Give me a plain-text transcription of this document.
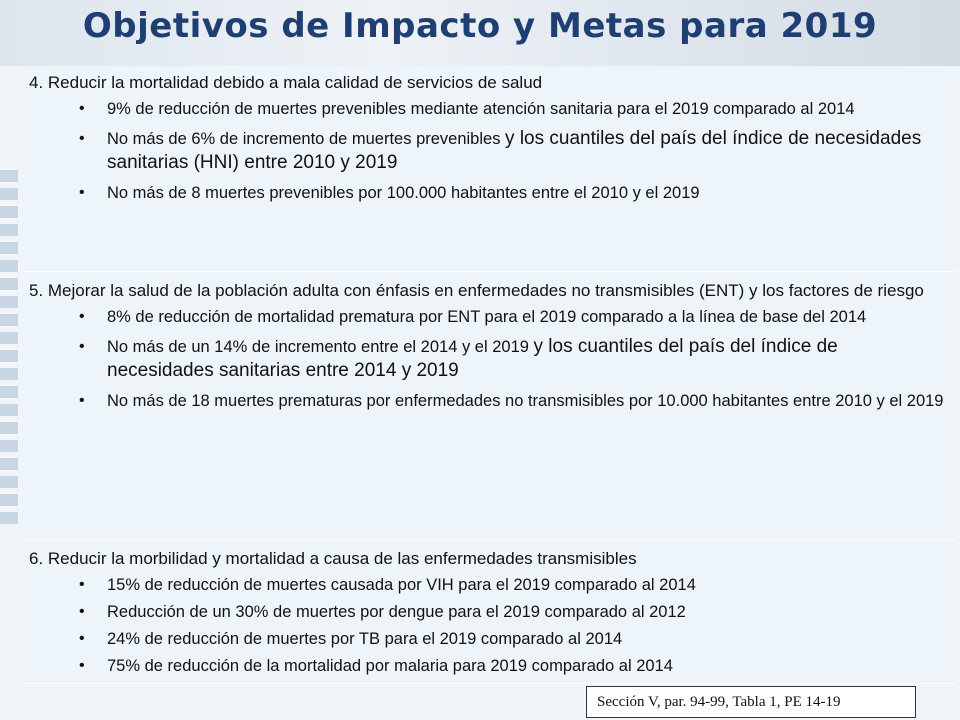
Objetivos de Impacto y Metas para 2019

4. Reducir la mortalidad debido a mala calidad de servicios de salud

• 9% de reducción de muertes prevenibles mediante atención sanitaria para el 2019 comparado al 2014
• No más de 6% de incremento de muertes prevenibles y los cuantiles del país del índice de necesidades sanitarias (HNI) entre 2010 y 2019
• No más de 8 muertes prevenibles por 100.000 habitantes entre el 2010 y el 2019

5. Mejorar la salud de la población adulta con énfasis en enfermedades no transmisibles (ENT) y los factores de riesgo

• 8% de reducción de mortalidad prematura por ENT para el 2019 comparado a la línea de base del 2014
• No más de un 14% de incremento entre el 2014 y el 2019 y los cuantiles del país del índice de necesidades sanitarias entre 2014 y 2019
• No más de 18 muertes prematuras por enfermedades no transmisibles por 10.000 habitantes entre 2010 y el 2019

6. Reducir la morbilidad y mortalidad a causa de las enfermedades transmisibles

• 15% de reducción de muertes causada por VIH para el 2019 comparado al 2014
• Reducción de un 30% de muertes por dengue para el 2019 comparado al 2012
• 24% de reducción de muertes por TB para el 2019 comparado al 2014
• 75% de reducción de la mortalidad por malaria para 2019 comparado al 2014
Sección V, par. 94-99, Tabla 1, PE 14-19
